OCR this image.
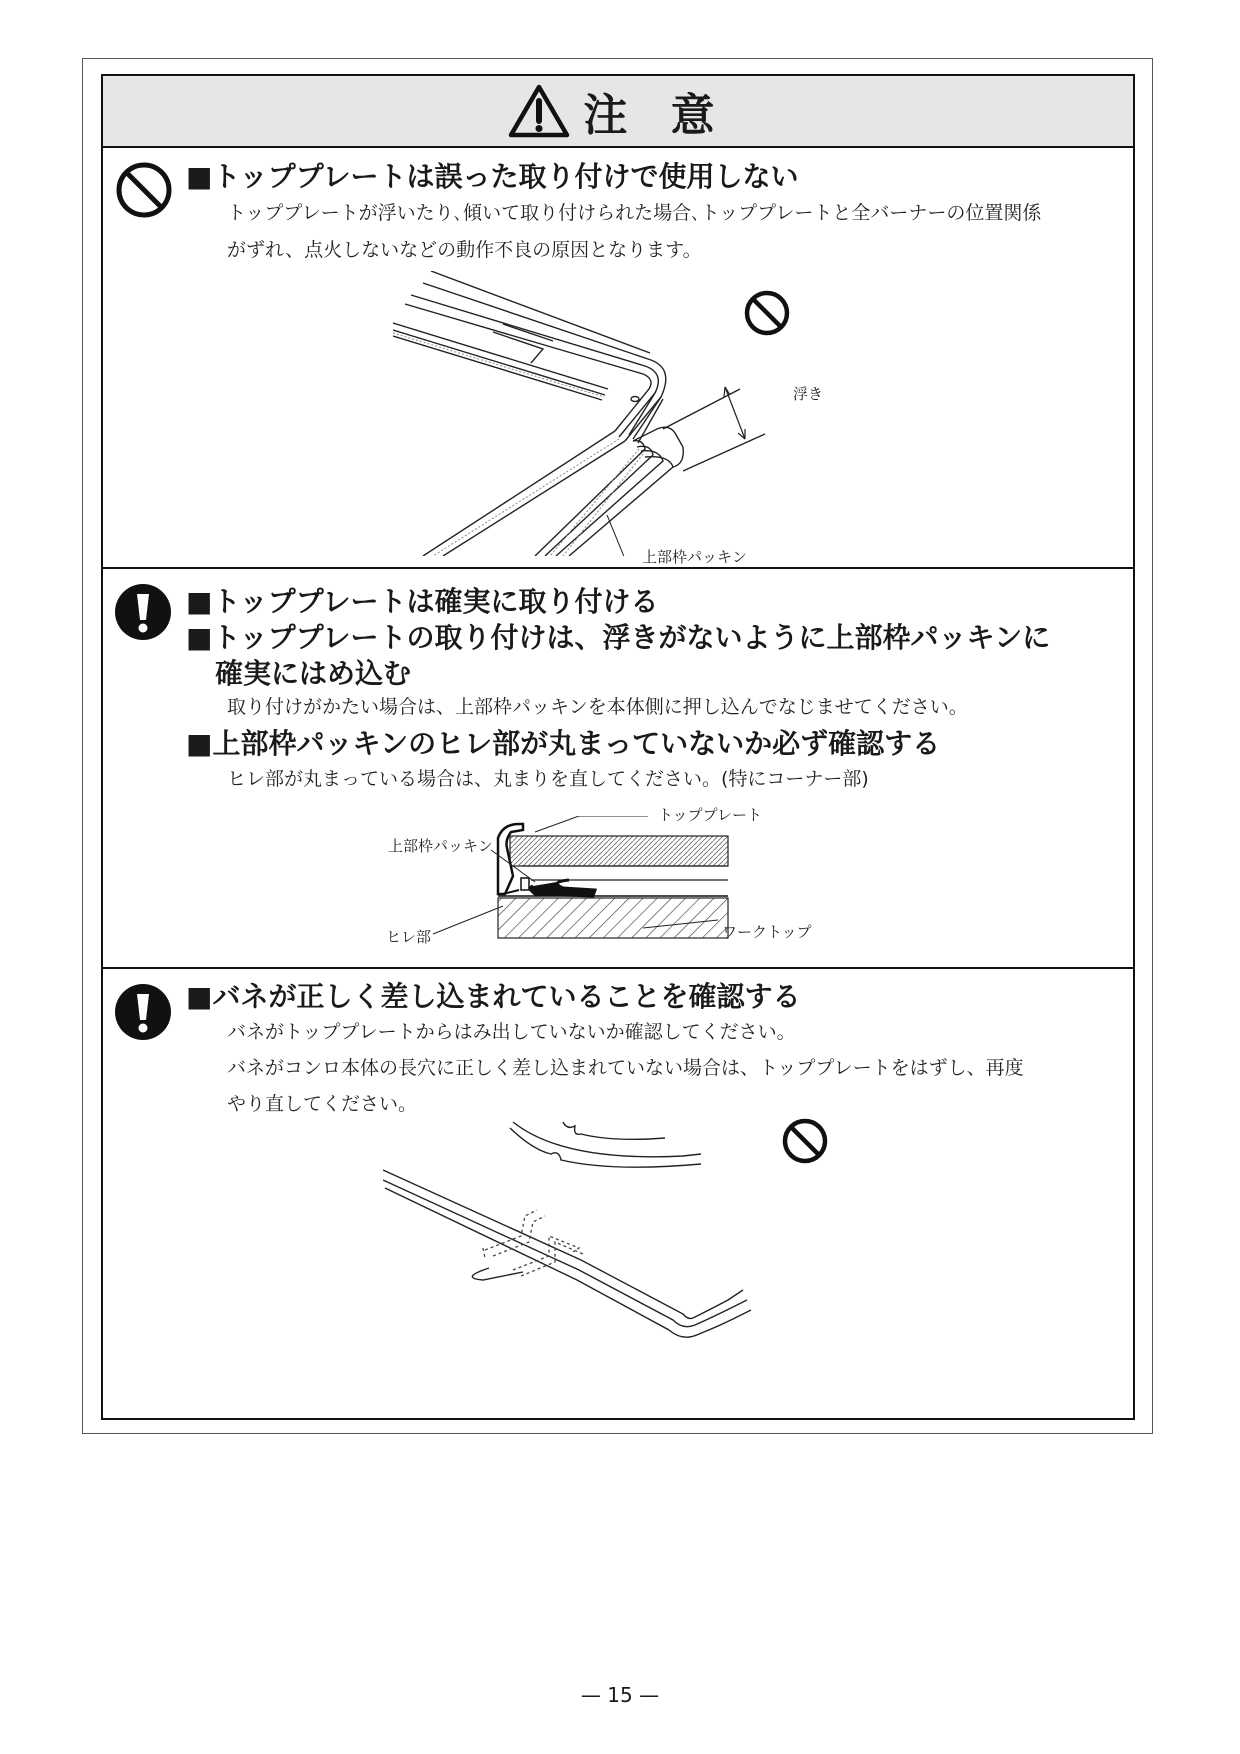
注 意
■トッププレートは誤った取り付けで使用しない
トッププレートが浮いたり､傾いて取り付けられた場合､トッププレートと全バーナーの位置関係
がずれ、点火しないなどの動作不良の原因となります。
浮き
上部枠パッキン
■トッププレートは確実に取り付ける
■トッププレートの取り付けは、浮きがないように上部枠パッキンに
確実にはめ込む
取り付けがかたい場合は、上部枠パッキンを本体側に押し込んでなじませてください。
■上部枠パッキンのヒレ部が丸まっていないか必ず確認する
ヒレ部が丸まっている場合は、丸まりを直してください。(特にコーナー部)
トッププレート
上部枠パッキン
ヒレ部	ワークトップ
■バネが正しく差し込まれていることを確認する
バネがトッププレートからはみ出していないか確認してください。
バネがコンロ本体の長穴に正しく差し込まれていない場合は、トッププレートをはずし、再度
やり直してください。
— 15 —
